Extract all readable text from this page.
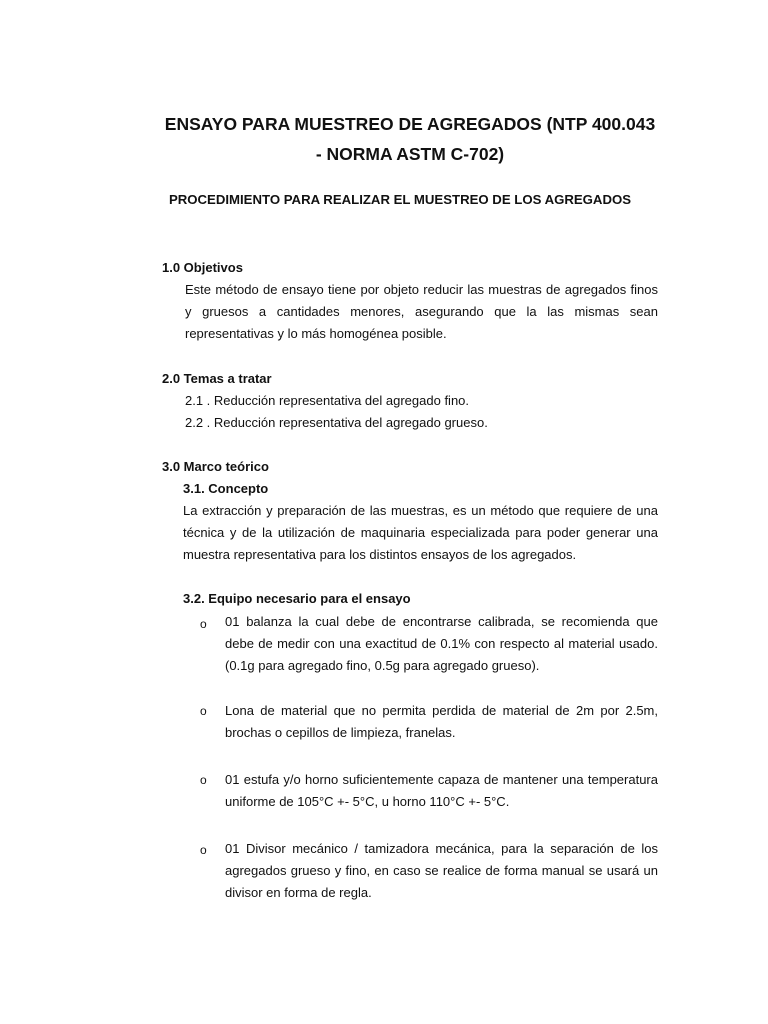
ENSAYO PARA MUESTREO DE AGREGADOS (NTP 400.043
- NORMA ASTM C-702)
PROCEDIMIENTO PARA REALIZAR EL MUESTREO DE LOS AGREGADOS
1.0 Objetivos
Este método de ensayo tiene por objeto reducir las muestras de agregados finos y gruesos a cantidades menores, asegurando que la las mismas sean representativas y lo más homogénea posible.
2.0 Temas a tratar
2.1 . Reducción representativa del agregado fino.
2.2 . Reducción representativa del agregado grueso.
3.0 Marco teórico
3.1. Concepto
La extracción y preparación de las muestras, es un método que requiere de una técnica y de la utilización de maquinaria especializada para poder generar una muestra representativa para los distintos ensayos de los agregados.
3.2. Equipo necesario para el ensayo
o 01 balanza la cual debe de encontrarse calibrada, se recomienda que debe de medir con una exactitud de 0.1% con respecto al material usado. (0.1g para agregado fino, 0.5g para agregado grueso).
o Lona de material que no permita perdida de material de 2m por 2.5m, brochas o cepillos de limpieza, franelas.
o 01 estufa y/o horno suficientemente capaza de mantener una temperatura uniforme de 105°C +- 5°C, u horno 110°C +- 5°C.
o 01 Divisor mecánico / tamizadora mecánica, para la separación de los agregados grueso y fino, en caso se realice de forma manual se usará un divisor en forma de regla.
